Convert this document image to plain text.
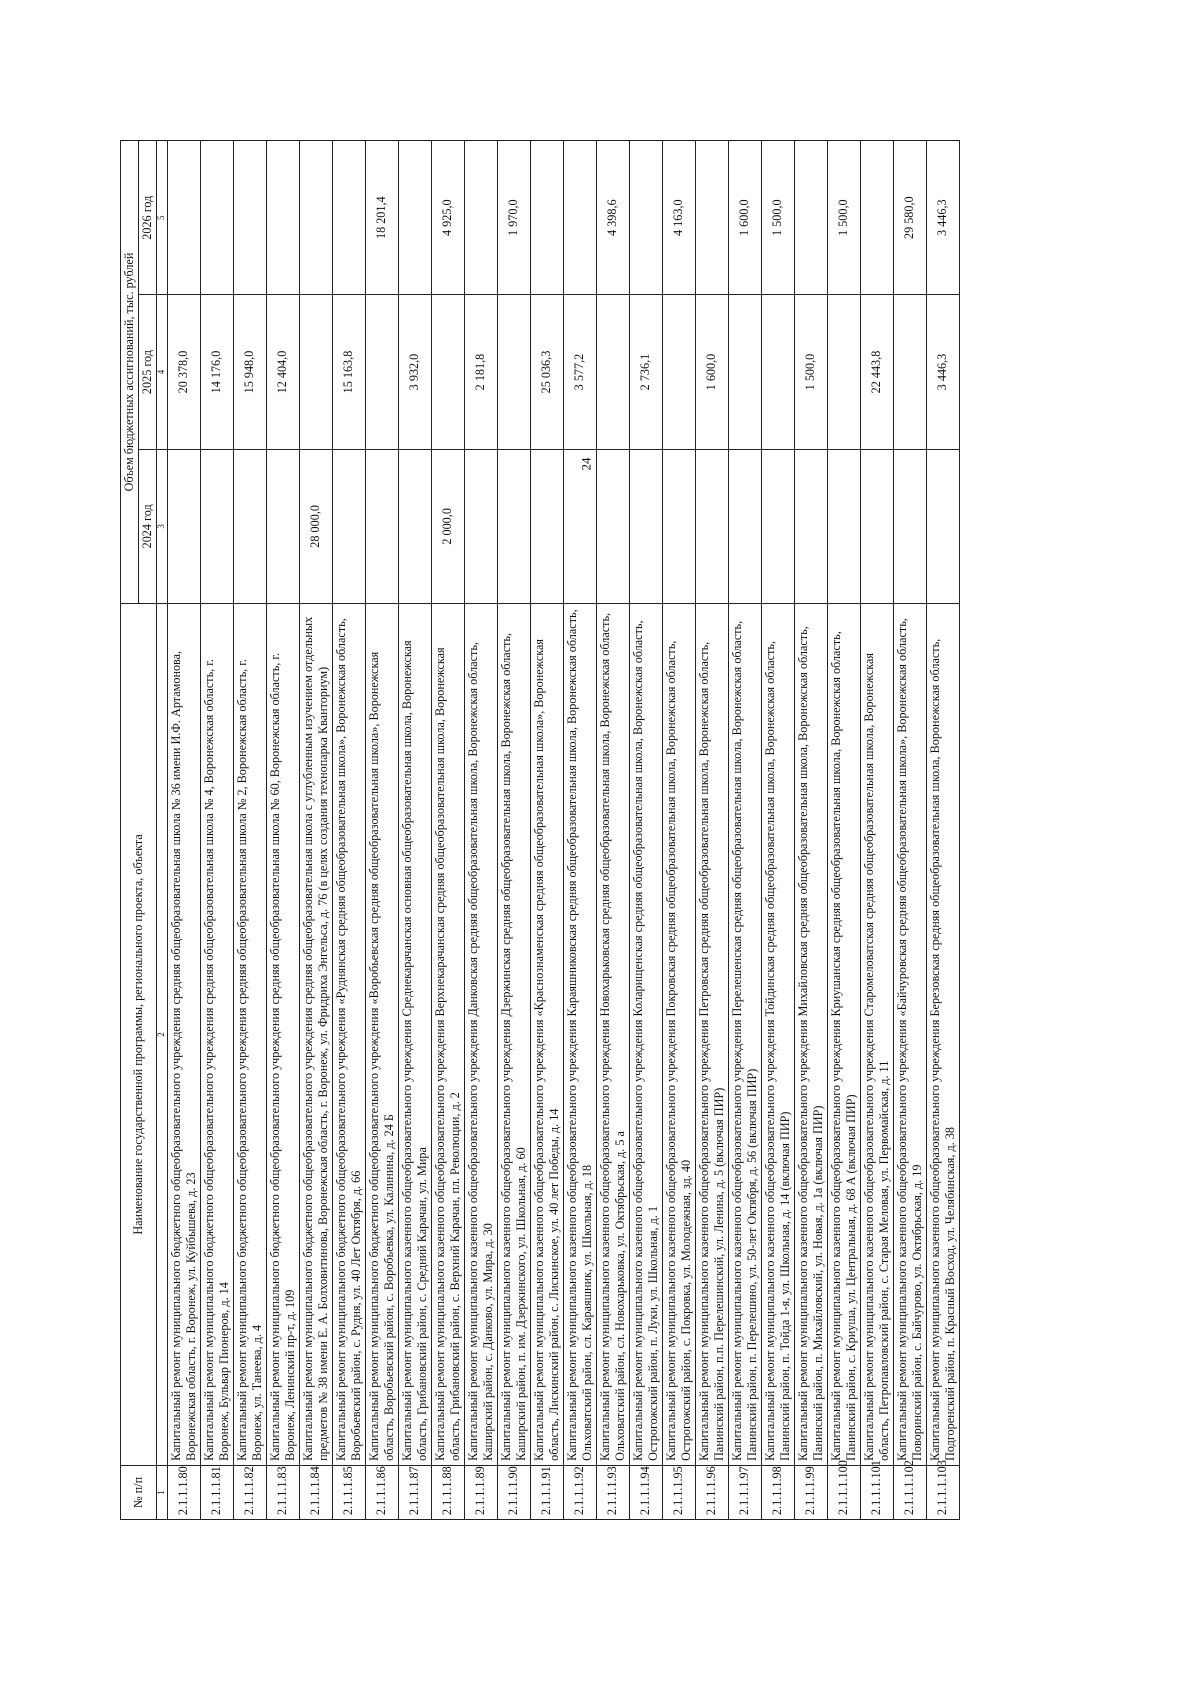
24
№ п/п	Наименование государственной программы, регионального проекта, объекта	Объем бюджетных ассигнований, тыс. рублей		
		2024 год	2025 год	2026 год
1	2	3	4	5
2.1.1.1.80	Капитальный ремонт муниципального бюджетного общеобразовательного учреждения средняя общеобразовательная школа № 36 имени И.Ф. Артамонова, Воронежская область, г. Воронеж, ул. Куйбышева, д. 23		20 378,0	
2.1.1.1.81	Капитальный ремонт муниципального бюджетного общеобразовательного учреждения средняя общеобразовательная школа № 4, Воронежская область, г. Воронеж, Бульвар Пионеров, д. 14		14 176,0	
2.1.1.1.82	Капитальный ремонт муниципального бюджетного общеобразовательного учреждения средняя общеобразовательная школа № 2, Воронежская область, г. Воронеж, ул. Танеева, д. 4		15 948,0	
2.1.1.1.83	Капитальный ремонт муниципального бюджетного общеобразовательного учреждения средняя общеобразовательная школа № 60, Воронежская область, г. Воронеж, Ленинский пр-т, д. 109		12 404,0	
2.1.1.1.84	Капитальный ремонт муниципального бюджетного общеобразовательного учреждения средняя общеобразовательная школа с углубленным изучением отдельных предметов № 38 имени Е. А. Болховитинова, Воронежская область, г. Воронеж, ул. Фридриха Энгельса, д. 76 (в целях создания технопарка Кванториум)	28 000,0		
2.1.1.1.85	Капитальный ремонт муниципального бюджетного общеобразовательного учреждения «Руднянская средняя общеобразовательная школа», Воронежская область, Воробьевский район, с. Рудня, ул. 40 Лет Октября, д. 66		15 163,8	
2.1.1.1.86	Капитальный ремонт муниципального бюджетного общеобразовательного учреждения «Воробьевская средняя общеобразовательная школа», Воронежская область, Воробьевский район, с. Воробьевка, ул. Калинина, д. 24 Б			18 201,4
2.1.1.1.87	Капитальный ремонт муниципального казенного общеобразовательного учреждения Среднекарачанская основная общеобразовательная школа, Воронежская область, Грибановский район, с. Средний Карачан, ул. Мира		3 932,0	
2.1.1.1.88	Капитальный ремонт муниципального казенного общеобразовательного учреждения Верхнекарачанская средняя общеобразовательная школа, Воронежская область, Грибановский район, с. Верхний Карачан, пл. Революции, д. 2	2 000,0		4 925,0
2.1.1.1.89	Капитальный ремонт муниципального казенного общеобразовательного учреждения Данковская средняя общеобразовательная школа, Воронежская область, Каширский район, с. Данково, ул. Мира, д. 30		2 181,8	
2.1.1.1.90	Капитальный ремонт муниципального казенного общеобразовательного учреждения Дзержинская средняя общеобразовательная школа, Воронежская область, Каширский район, п. им. Дзержинского, ул. Школьная, д. 60			1 970,0
2.1.1.1.91	Капитальный ремонт муниципального казенного общеобразовательного учреждения «Краснознаменская средняя общеобразовательная школа», Воронежская область, Лискинский район, с. Лискинское, ул. 40 лет Победы, д. 14		25 036,3	
2.1.1.1.92	Капитальный ремонт муниципального казенного общеобразовательного учреждения Караяшниковская средняя общеобразовательная школа, Воронежская область, Ольховатский район, сл. Караяшник, ул. Школьная, д. 18		3 577,2	
2.1.1.1.93	Капитальный ремонт муниципального казенного общеобразовательного учреждения Новохарьковская средняя общеобразовательная школа, Воронежская область, Ольховатский район, сл. Новохарьковка, ул. Октябрьская, д. 5 а			4 398,6
2.1.1.1.94	Капитальный ремонт муниципального казенного общеобразовательного учреждения Коларищенская средняя общеобразовательная школа, Воронежская область, Острогожский район, п. Луки, ул. Школьная, д. 1		2 736,1	
2.1.1.1.95	Капитальный ремонт муниципального казенного общеобразовательного учреждения Покровская средняя общеобразовательная школа, Воронежская область, Острогожский район, с. Покровка, ул. Молодежная, зд. 40			4 163,0
2.1.1.1.96	Капитальный ремонт муниципального казенного общеобразовательного учреждения Петровская средняя общеобразовательная школа, Воронежская область, Панинский район, п.п. Перелешинский, ул. Ленина, д. 5 (включая ПИР)		1 600,0	
2.1.1.1.97	Капитальный ремонт муниципального казенного общеобразовательного учреждения Перелешенская средняя общеобразовательная школа, Воронежская область, Панинский район, п. Перелешино, ул. 50-лет Октября, д. 56 (включая ПИР)			1 600,0
2.1.1.1.98	Капитальный ремонт муниципального казенного общеобразовательного учреждения Тойдинская средняя общеобразовательная школа, Воронежская область, Панинский район, п. Тойда 1-я, ул. Школьная, д. 14 (включая ПИР)			1 500,0
2.1.1.1.99	Капитальный ремонт муниципального казенного общеобразовательного учреждения Михайловская средняя общеобразовательная школа, Воронежская область, Панинский район, п. Михайловский, ул. Новая, д. 1а (включая ПИР)		1 500,0	
2.1.1.1.100	Капитальный ремонт муниципального казенного общеобразовательного учреждения Криушанская средняя общеобразовательная школа, Воронежская область, Панинский район, с. Криуша, ул. Центральная, д. 68 А (включая ПИР)			1 500,0
2.1.1.1.101	Капитальный ремонт муниципального казенного общеобразовательного учреждения Старомеловатская средняя общеобразовательная школа, Воронежская область, Петропавловский район, с. Старая Меловая, ул. Первомайская, д. 11		22 443,8	
2.1.1.1.102	Капитальный ремонт муниципального казенного общеобразовательного учреждения «Байчуровская средняя общеобразовательная школа», Воронежская область, Поворинский район, с. Байчурово, ул. Октябрьская, д. 19			29 580,0
2.1.1.1.103	Капитальный ремонт муниципального казенного общеобразовательного учреждения Березовская средняя общеобразовательная школа, Воронежская область, Подгоренский район, п. Красный Восход, ул. Челябинская, д. 38		3 446,3	3 446,3
